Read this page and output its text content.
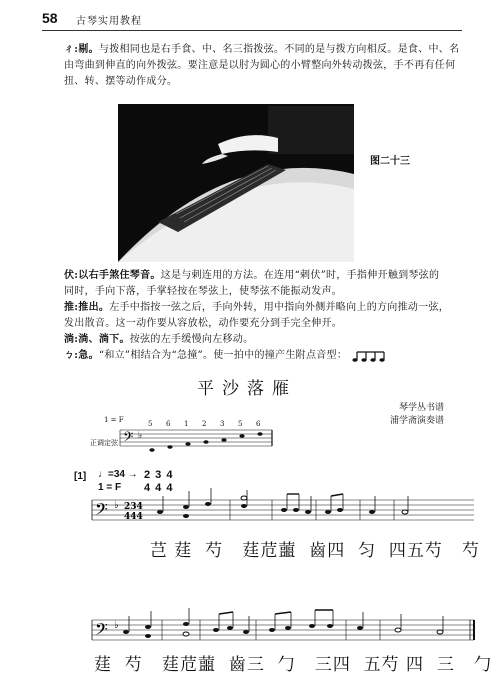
58 古琴实用教程
ㄔ:剔。与拨相同也是右手食、中、名三指拨弦。不同的是与拨方向相反。是食、中、名
由弯曲到伸直的向外拨弦。要注意是以肘为圆心的小臂整向外转动拨弦，手不再有任何
扭、转、摆等动作成分。
图二十三
伏:以右手煞住琴音。这是与剌连用的方法。在连用“剌伏”时，手指伸开触到琴弦的
同时，手向下落，手掌轻按在琴弦上，使琴弦不能振动发声。
推:推出。左手中指按一弦之后，手向外转，用中指向外侧并略向上的方向推动一弦，
发出散音。这一动作要从容放松，动作要充分到手完全伸开。
淌:淌、淌下。按弦的左手缓慢向左移动。
ㄅ:急。“和立”相结合为“急撞”。使一拍中的撞产生附点音型：
平沙落雁
琴学丛书谱
浦学斋演奏谱
𝄢 ♭
𝄢 ♭ 234
444
𝄢 ♭
1 = F
正调定弦
5 6 1 2 3 5 6
[1] ♩=34 →
1 = F
2 3 4
4 4 4
芑 莛  芍   莛苊蘁  齒四  匀  四五芍   芍
莛  芍   莛苊蘁  齒三  勹   三四  五芍 四  三   勹
